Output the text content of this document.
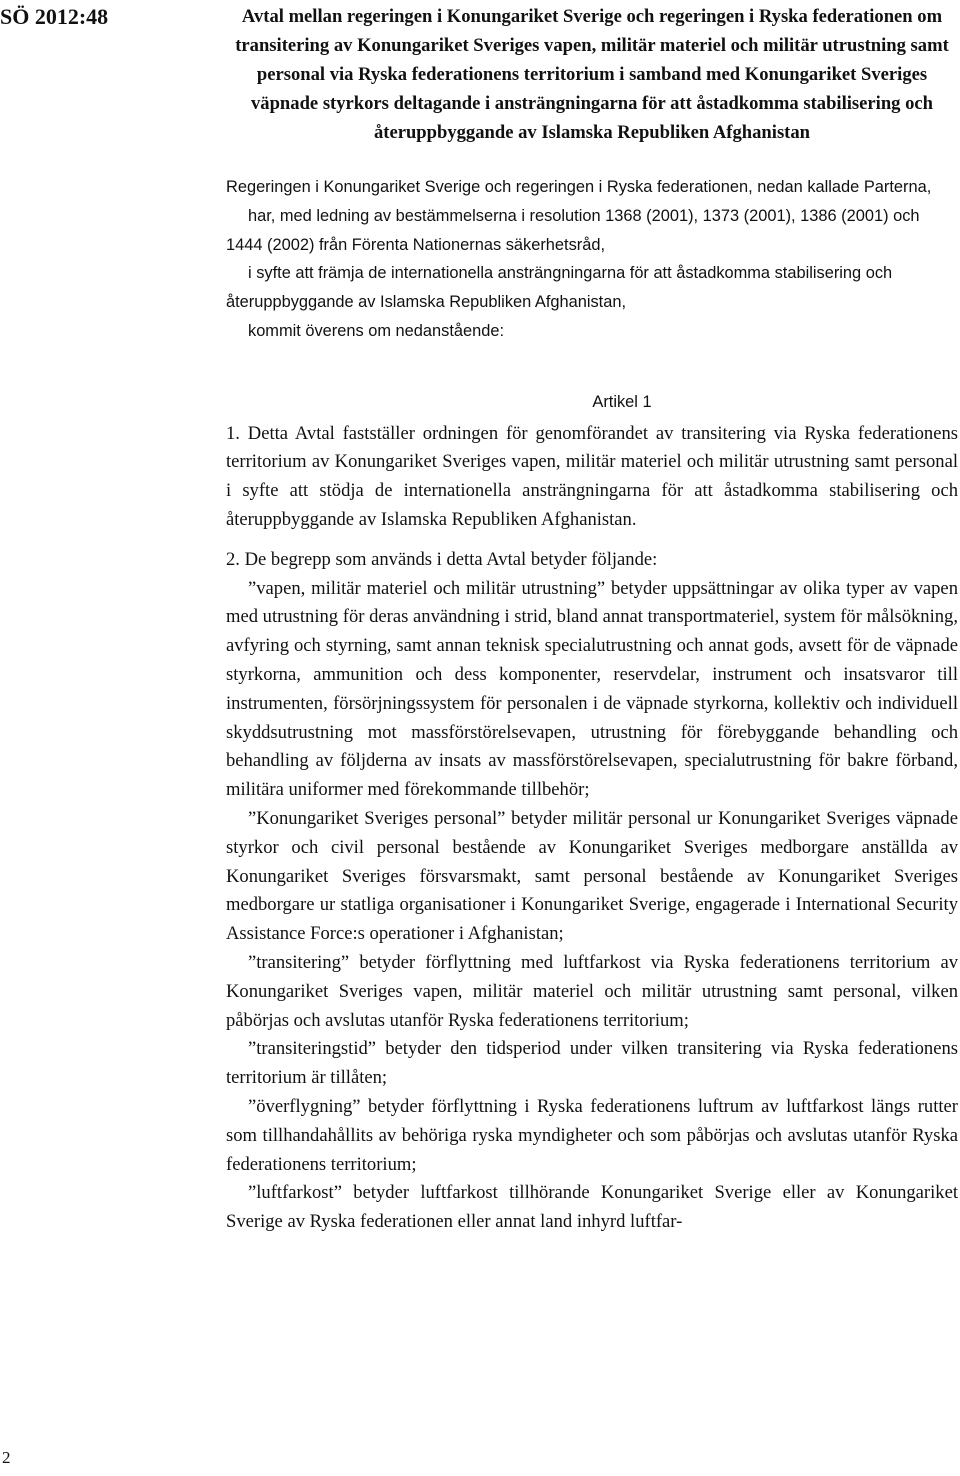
SÖ 2012:48
2
Avtal mellan regeringen i Konungariket Sverige och regeringen i Ryska federationen om transitering av Konungariket Sveriges vapen, militär materiel och militär utrustning samt personal via Ryska federationens territorium i samband med Konungariket Sveriges väpnade styrkors deltagande i ansträngningarna för att åstadkomma stabilisering och återuppbyggande av Islamska Republiken Afghanistan

Regeringen i Konungariket Sverige och regeringen i Ryska federationen, nedan kallade Parterna,

har, med ledning av bestämmelserna i resolution 1368 (2001), 1373 (2001), 1386 (2001) och 1444 (2002) från Förenta Nationernas säkerhetsråd,

i syfte att främja de internationella ansträngningarna för att åstadkomma stabilisering och återuppbyggande av Islamska Republiken Afghanistan,

kommit överens om nedanstående:

Artikel 1

1. Detta Avtal fastställer ordningen för genomförandet av transitering via Ryska federationens territorium av Konungariket Sveriges vapen, militär materiel och militär utrustning samt personal i syfte att stödja de internationella ansträngningarna för att åstadkomma stabilisering och återuppbyggande av Islamska Republiken Afghanistan.

2. De begrepp som används i detta Avtal betyder följande:

”vapen, militär materiel och militär utrustning” betyder uppsättningar av olika typer av vapen med utrustning för deras användning i strid, bland annat transportmateriel, system för målsökning, avfyring och styrning, samt annan teknisk specialutrustning och annat gods, avsett för de väpnade styrkorna, ammunition och dess komponenter, reservdelar, instrument och insatsvaror till instrumenten, försörjningssystem för personalen i de väpnade styrkorna, kollektiv och individuell skyddsutrustning mot massförstörelsevapen, utrustning för förebyggande behandling och behandling av följderna av insats av massförstörelsevapen, specialutrustning för bakre förband, militära uniformer med förekommande tillbehör;

”Konungariket Sveriges personal” betyder militär personal ur Konungariket Sveriges väpnade styrkor och civil personal bestående av Konungariket Sveriges medborgare anställda av Konungariket Sveriges försvarsmakt, samt personal bestående av Konungariket Sveriges medborgare ur statliga organisationer i Konungariket Sverige, engagerade i International Security Assistance Force:s operationer i Afghanistan;

”transitering” betyder förflyttning med luftfarkost via Ryska federationens territorium av Konungariket Sveriges vapen, militär materiel och militär utrustning samt personal, vilken påbörjas och avslutas utanför Ryska federationens territorium;

”transiteringstid” betyder den tidsperiod under vilken transitering via Ryska federationens territorium är tillåten;

”överflygning” betyder förflyttning i Ryska federationens luftrum av luftfarkost längs rutter som tillhandahållits av behöriga ryska myndigheter och som påbörjas och avslutas utanför Ryska federationens territorium;

”luftfarkost” betyder luftfarkost tillhörande Konungariket Sverige eller av Konungariket Sverige av Ryska federationen eller annat land inhyrd luftfar-
